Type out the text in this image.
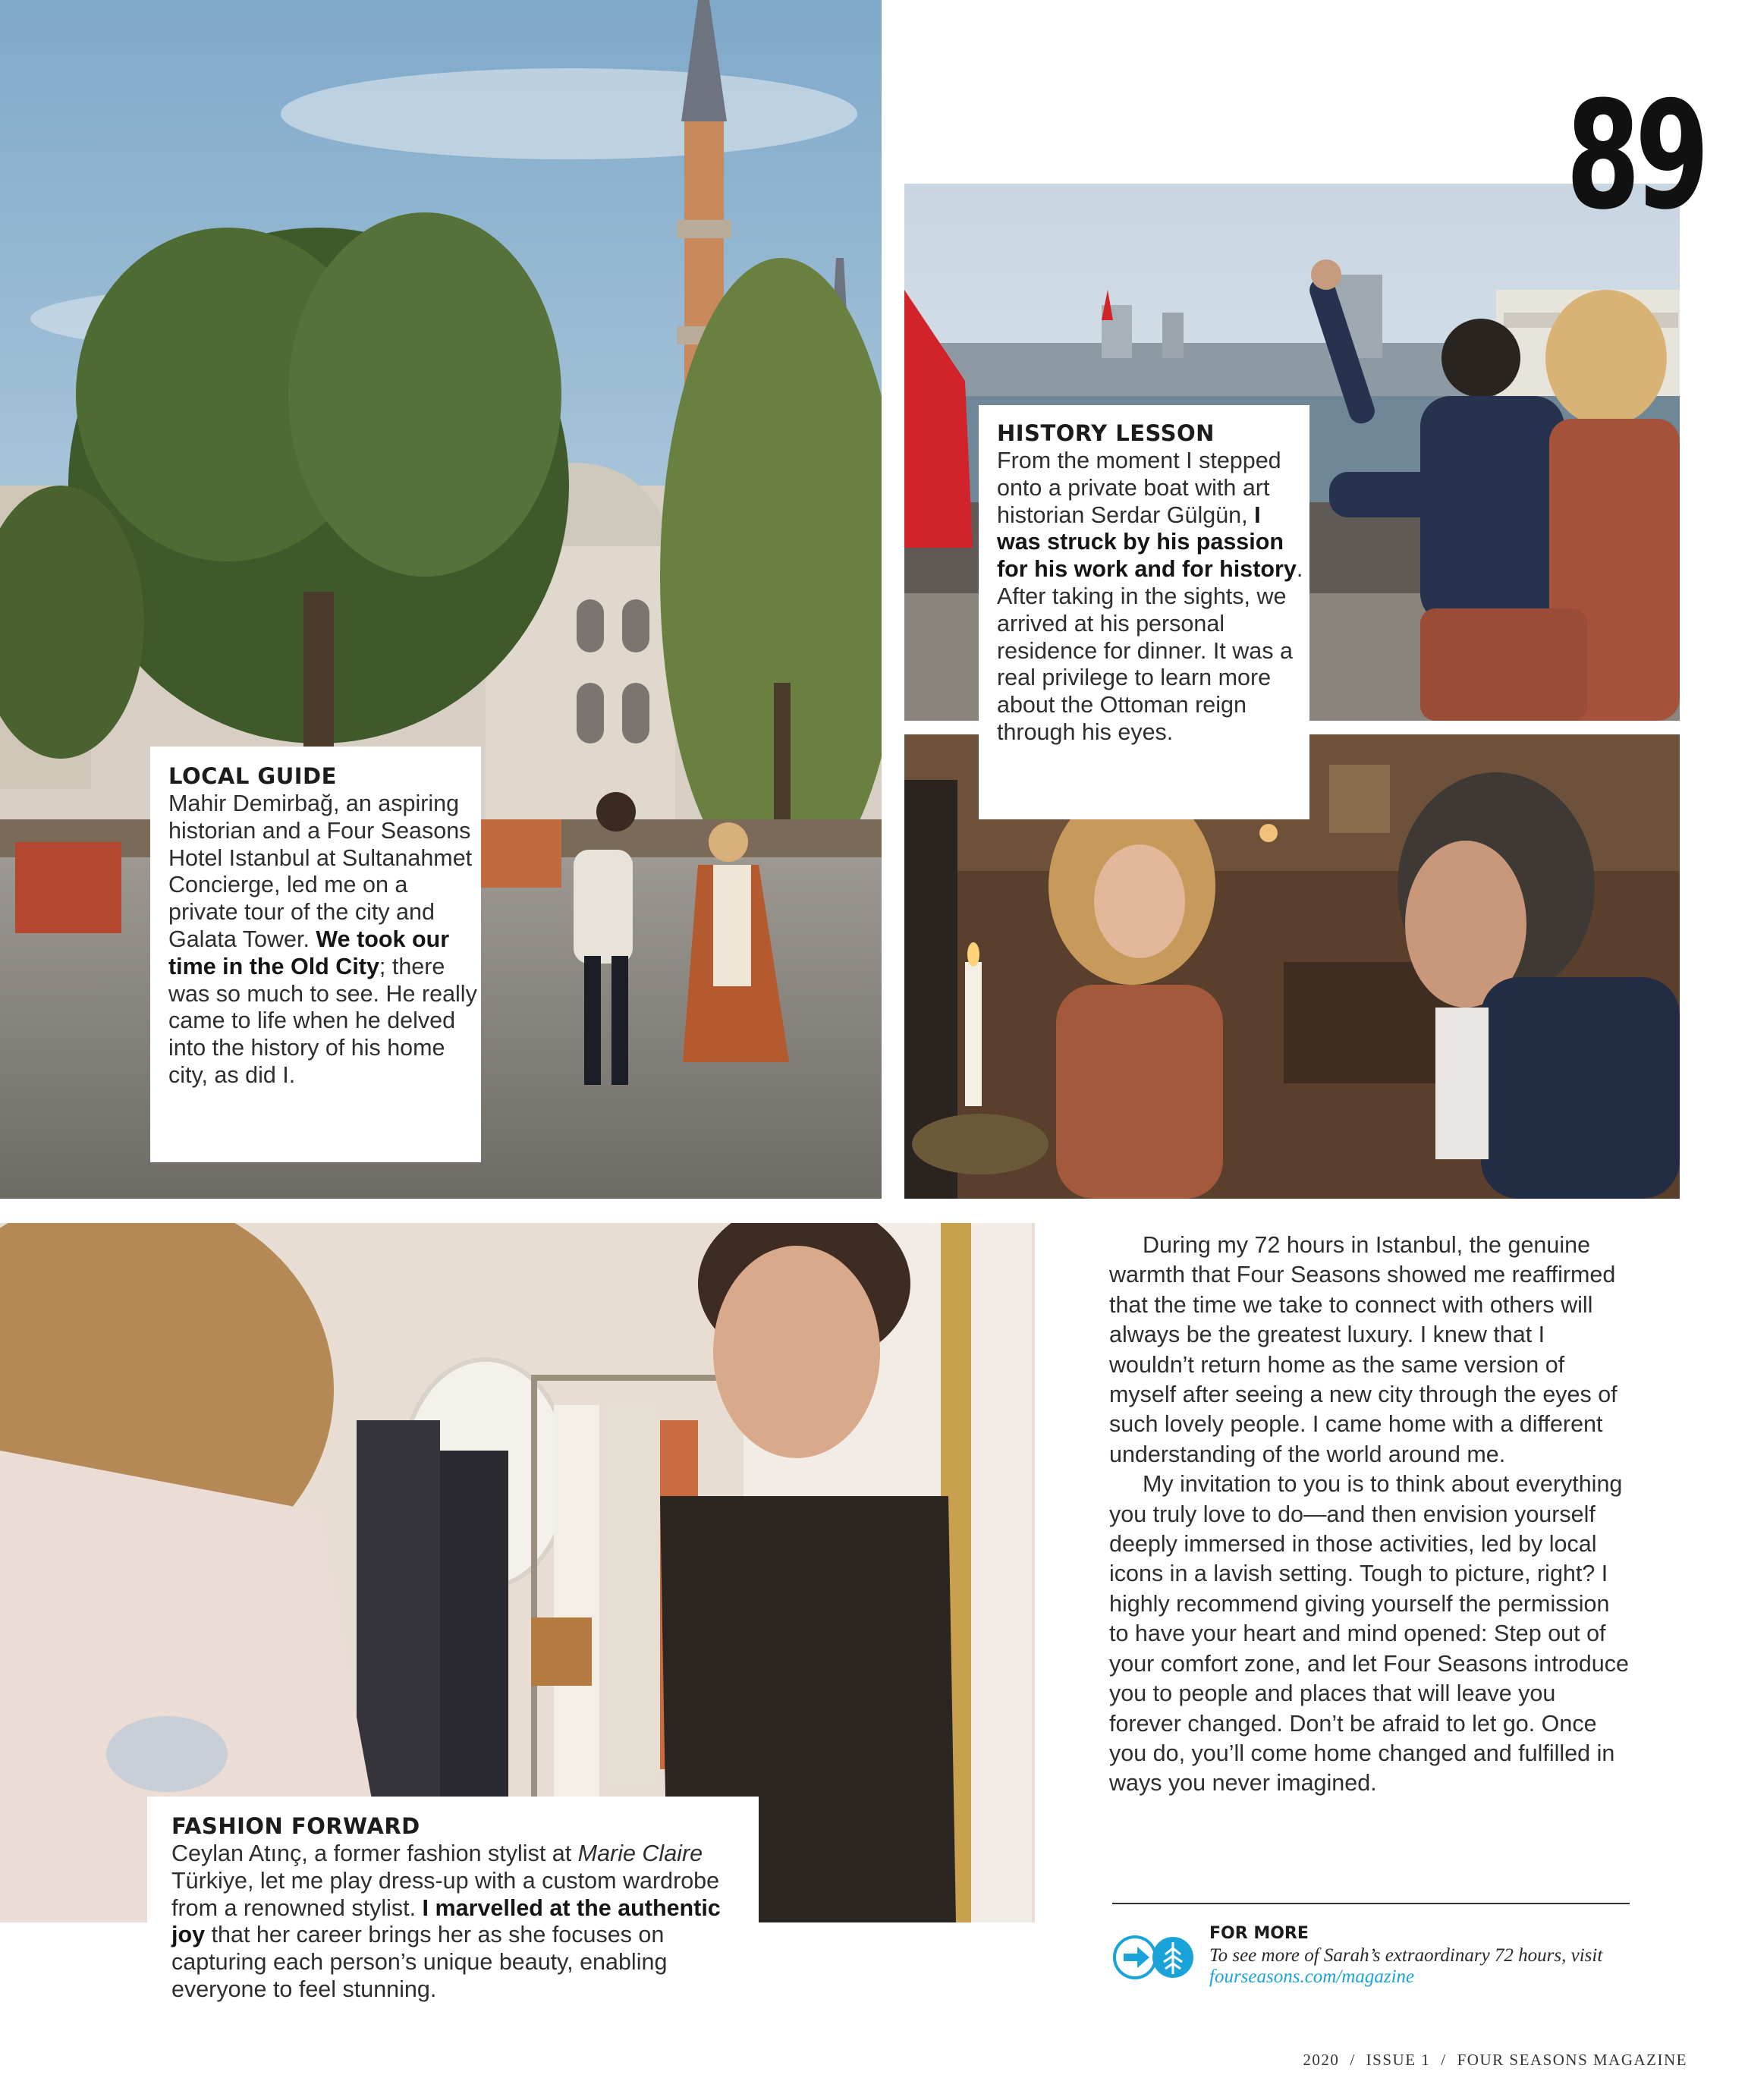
89
LOCAL GUIDE
Mahir Demirbağ, an aspiring historian and a Four Seasons Hotel Istanbul at Sultanahmet Concierge, led me on a private tour of the city and Galata Tower. We took our time in the Old City; there was so much to see. He really came to life when he delved into the history of his home city, as did I.
HISTORY LESSON
From the moment I stepped onto a private boat with art historian Serdar Gülgün, I was struck by his passion for his work and for history. After taking in the sights, we arrived at his personal residence for dinner. It was a real privilege to learn more about the Ottoman reign through his eyes.
FASHION FORWARD
Ceylan Atınç, a former fashion stylist at Marie Claire Türkiye, let me play dress-up with a custom wardrobe from a renowned stylist. I marvelled at the authentic joy that her career brings her as she focuses on capturing each person’s unique beauty, enabling everyone to feel stunning.

During my 72 hours in Istanbul, the genuine warmth that Four Seasons showed me reaffirmed that the time we take to connect with others will always be the greatest luxury. I knew that I wouldn’t return home as the same version of myself after seeing a new city through the eyes of such lovely people. I came home with a different understanding of the world around me.

My invitation to you is to think about everything you truly love to do—and then envision yourself deeply immersed in those activities, led by local icons in a lavish setting. Tough to picture, right? I highly recommend giving yourself the permission to have your heart and mind opened: Step out of your comfort zone, and let Four Seasons introduce you to people and places that will leave you forever changed. Don’t be afraid to let go. Once you do, you’ll come home changed and fulfilled in ways you never imagined.

FOR MORE
To see more of Sarah’s extraordinary 72 hours, visit fourseasons.com/magazine
2020 / ISSUE 1 / FOUR SEASONS MAGAZINE
